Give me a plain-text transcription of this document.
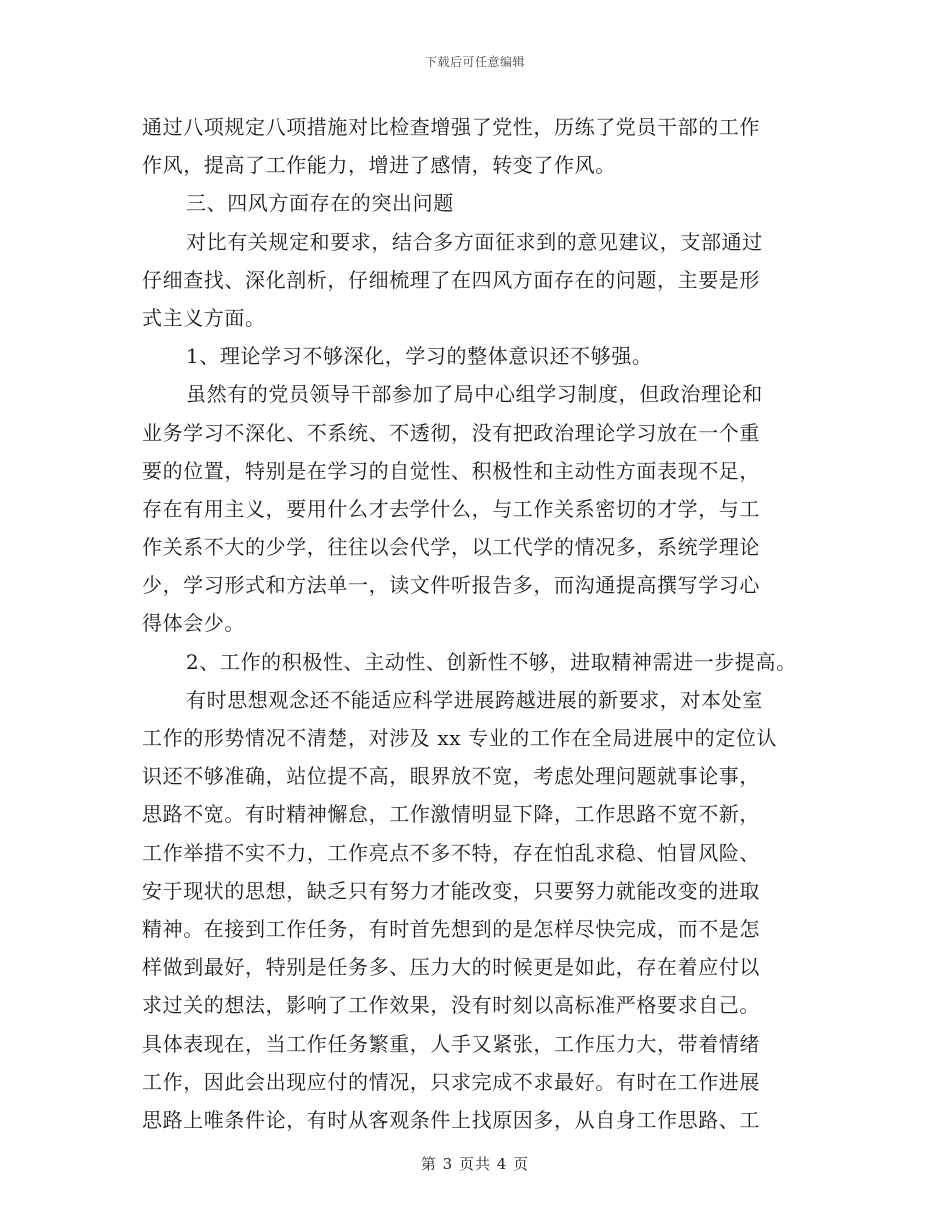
下载后可任意编辑
通过八项规定八项措施对比检查增强了党性，历练了党员干部的工作
作风，提高了工作能力，增进了感情，转变了作风。
三、四风方面存在的突出问题
对比有关规定和要求，结合多方面征求到的意见建议，支部通过
仔细查找、深化剖析，仔细梳理了在四风方面存在的问题，主要是形
式主义方面。
1、理论学习不够深化，学习的整体意识还不够强。
虽然有的党员领导干部参加了局中心组学习制度，但政治理论和
业务学习不深化、不系统、不透彻，没有把政治理论学习放在一个重
要的位置，特别是在学习的自觉性、积极性和主动性方面表现不足，
存在有用主义，要用什么才去学什么，与工作关系密切的才学，与工
作关系不大的少学，往往以会代学，以工代学的情况多，系统学理论
少，学习形式和方法单一，读文件听报告多，而沟通提高撰写学习心
得体会少。
2、工作的积极性、主动性、创新性不够，进取精神需进一步提高。
有时思想观念还不能适应科学进展跨越进展的新要求，对本处室
工作的形势情况不清楚，对涉及 xx 专业的工作在全局进展中的定位认
识还不够准确，站位提不高，眼界放不宽，考虑处理问题就事论事，
思路不宽。有时精神懈怠，工作激情明显下降，工作思路不宽不新，
工作举措不实不力，工作亮点不多不特，存在怕乱求稳、怕冒风险、
安于现状的思想，缺乏只有努力才能改变，只要努力就能改变的进取
精神。在接到工作任务，有时首先想到的是怎样尽快完成，而不是怎
样做到最好，特别是任务多、压力大的时候更是如此，存在着应付以
求过关的想法，影响了工作效果，没有时刻以高标准严格要求自己。
具体表现在，当工作任务繁重，人手又紧张，工作压力大，带着情绪
工作，因此会出现应付的情况，只求完成不求最好。有时在工作进展
思路上唯条件论，有时从客观条件上找原因多，从自身工作思路、工
第 3 页共 4 页
